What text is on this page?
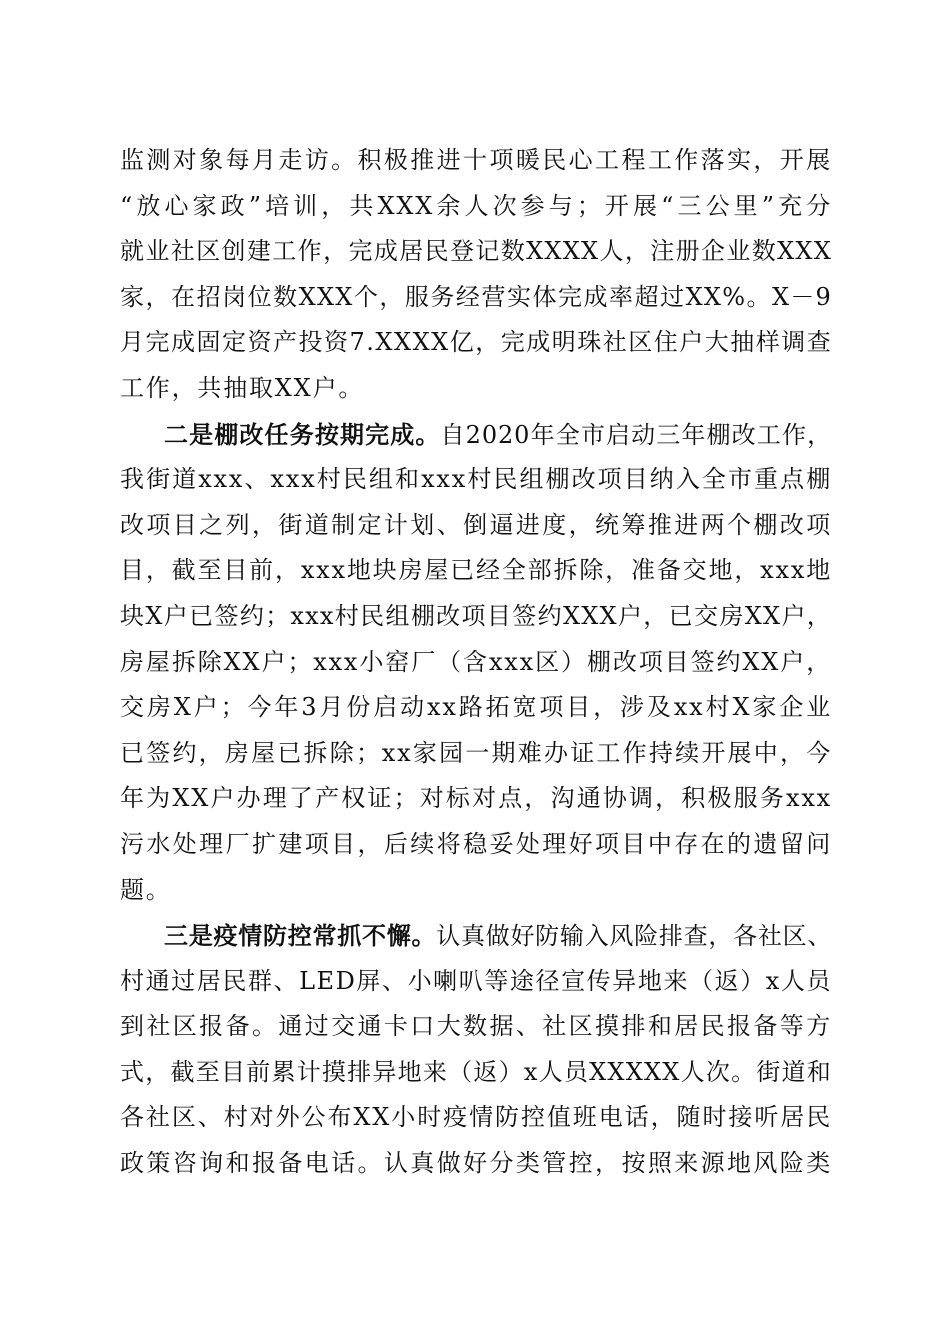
监测对象每月走访。积极推进十项暖民心工程工作落实，开展
“放心家政”培训，共XXX余人次参与；开展“三公里”充分
就业社区创建工作，完成居民登记数XXXX人，注册企业数XXX
家，在招岗位数XXX个，服务经营实体完成率超过XX%。X－9
月完成固定资产投资7.XXXX亿，完成明珠社区住户大抽样调查
工作，共抽取XX户。
二是棚改任务按期完成。自2020年全市启动三年棚改工作，
我街道xxx、xxx村民组和xxx村民组棚改项目纳入全市重点棚
改项目之列，街道制定计划、倒逼进度，统筹推进两个棚改项
目，截至目前，xxx地块房屋已经全部拆除，准备交地，xxx地
块X户已签约；xxx村民组棚改项目签约XXX户，已交房XX户，
房屋拆除XX户；xxx小窑厂（含xxx区）棚改项目签约XX户，
交房X户；今年3月份启动xx路拓宽项目，涉及xx村X家企业
已签约，房屋已拆除；xx家园一期难办证工作持续开展中，今
年为XX户办理了产权证；对标对点，沟通协调，积极服务xxx
污水处理厂扩建项目，后续将稳妥处理好项目中存在的遗留问
题。
三是疫情防控常抓不懈。认真做好防输入风险排查，各社区、
村通过居民群、LED屏、小喇叭等途径宣传异地来（返）x人员
到社区报备。通过交通卡口大数据、社区摸排和居民报备等方
式，截至目前累计摸排异地来（返）x人员XXXXX人次。街道和
各社区、村对外公布XX小时疫情防控值班电话，随时接听居民
政策咨询和报备电话。认真做好分类管控，按照来源地风险类
